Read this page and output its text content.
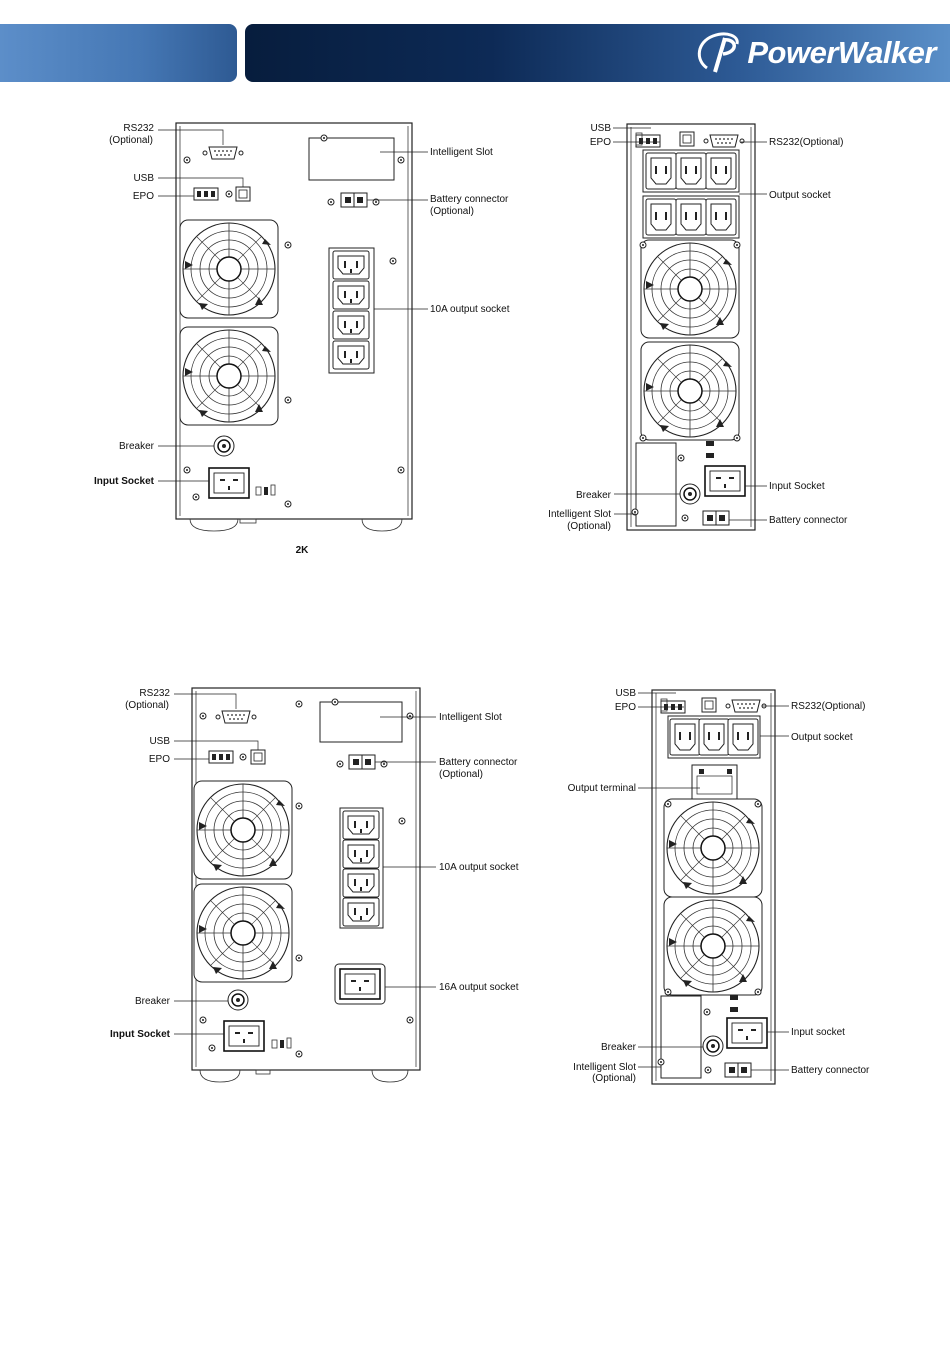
PowerWalker
RS232
(Optional)
USB
EPO
Intelligent Slot
Battery connector
(Optional)
10A output socket
Breaker
Input Socket
2K
USB
EPO	RS232(Optional)
Output socket
Breaker
Intelligent Slot
(Optional)
Input Socket
Battery connector
RS232
(Optional)
USB
EPO
Intelligent Slot
Battery connector
(Optional)
10A output socket
16A output socket
Breaker
Input Socket
USB
EPO	RS232(Optional)
Output socket
Output terminal
Breaker
Intelligent Slot
(Optional)
Input socket
Battery connector
